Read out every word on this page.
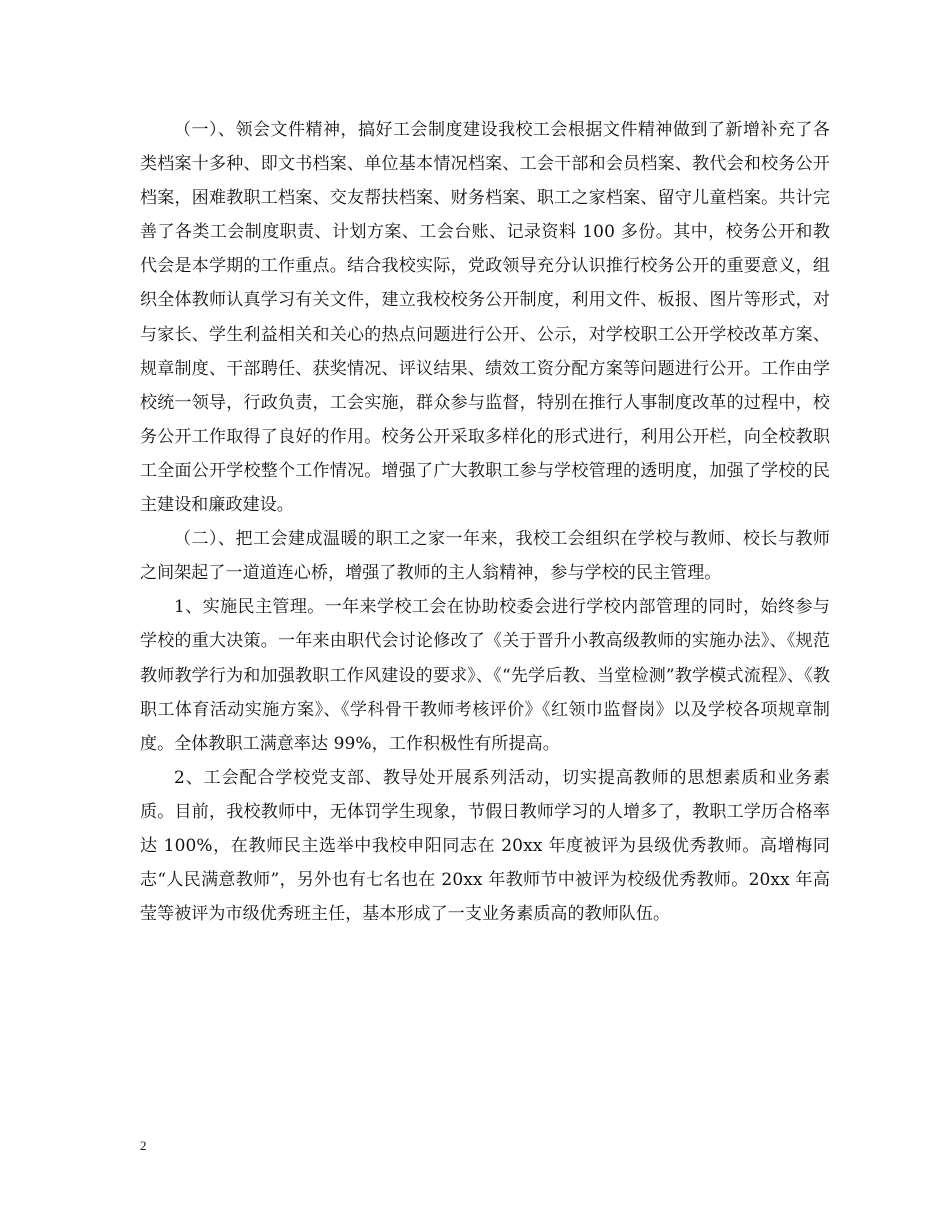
（一）、领会文件精神，搞好工会制度建设我校工会根据文件精神做到了新增补充了各类档案十多种、即文书档案、单位基本情况档案、工会干部和会员档案、教代会和校务公开档案，困难教职工档案、交友帮扶档案、财务档案、职工之家档案、留守儿童档案。共计完善了各类工会制度职责、计划方案、工会台账、记录资料 100 多份。其中，校务公开和教代会是本学期的工作重点。结合我校实际，党政领导充分认识推行校务公开的重要意义，组织全体教师认真学习有关文件，建立我校校务公开制度，利用文件、板报、图片等形式，对与家长、学生利益相关和关心的热点问题进行公开、公示，对学校职工公开学校改革方案、规章制度、干部聘任、获奖情况、评议结果、绩效工资分配方案等问题进行公开。工作由学校统一领导，行政负责，工会实施，群众参与监督，特别在推行人事制度改革的过程中，校务公开工作取得了良好的作用。校务公开采取多样化的形式进行，利用公开栏，向全校教职工全面公开学校整个工作情况。增强了广大教职工参与学校管理的透明度，加强了学校的民主建设和廉政建设。

（二）、把工会建成温暖的职工之家一年来，我校工会组织在学校与教师、校长与教师之间架起了一道道连心桥，增强了教师的主人翁精神，参与学校的民主管理。

1、实施民主管理。一年来学校工会在协助校委会进行学校内部管理的同时，始终参与学校的重大决策。一年来由职代会讨论修改了《关于晋升小教高级教师的实施办法》、《规范教师教学行为和加强教职工作风建设的要求》、《“先学后教、当堂检测”教学模式流程》、《教职工体育活动实施方案》、《学科骨干教师考核评价》《红领巾监督岗》以及学校各项规章制度。全体教职工满意率达 99%，工作积极性有所提高。

2、工会配合学校党支部、教导处开展系列活动，切实提高教师的思想素质和业务素质。目前，我校教师中，无体罚学生现象，节假日教师学习的人增多了，教职工学历合格率达 100%，在教师民主选举中我校申阳同志在 20xx 年度被评为县级优秀教师。高增梅同志“人民满意教师”，另外也有七名也在 20xx 年教师节中被评为校级优秀教师。20xx 年高莹等被评为市级优秀班主任，基本形成了一支业务素质高的教师队伍。

2
